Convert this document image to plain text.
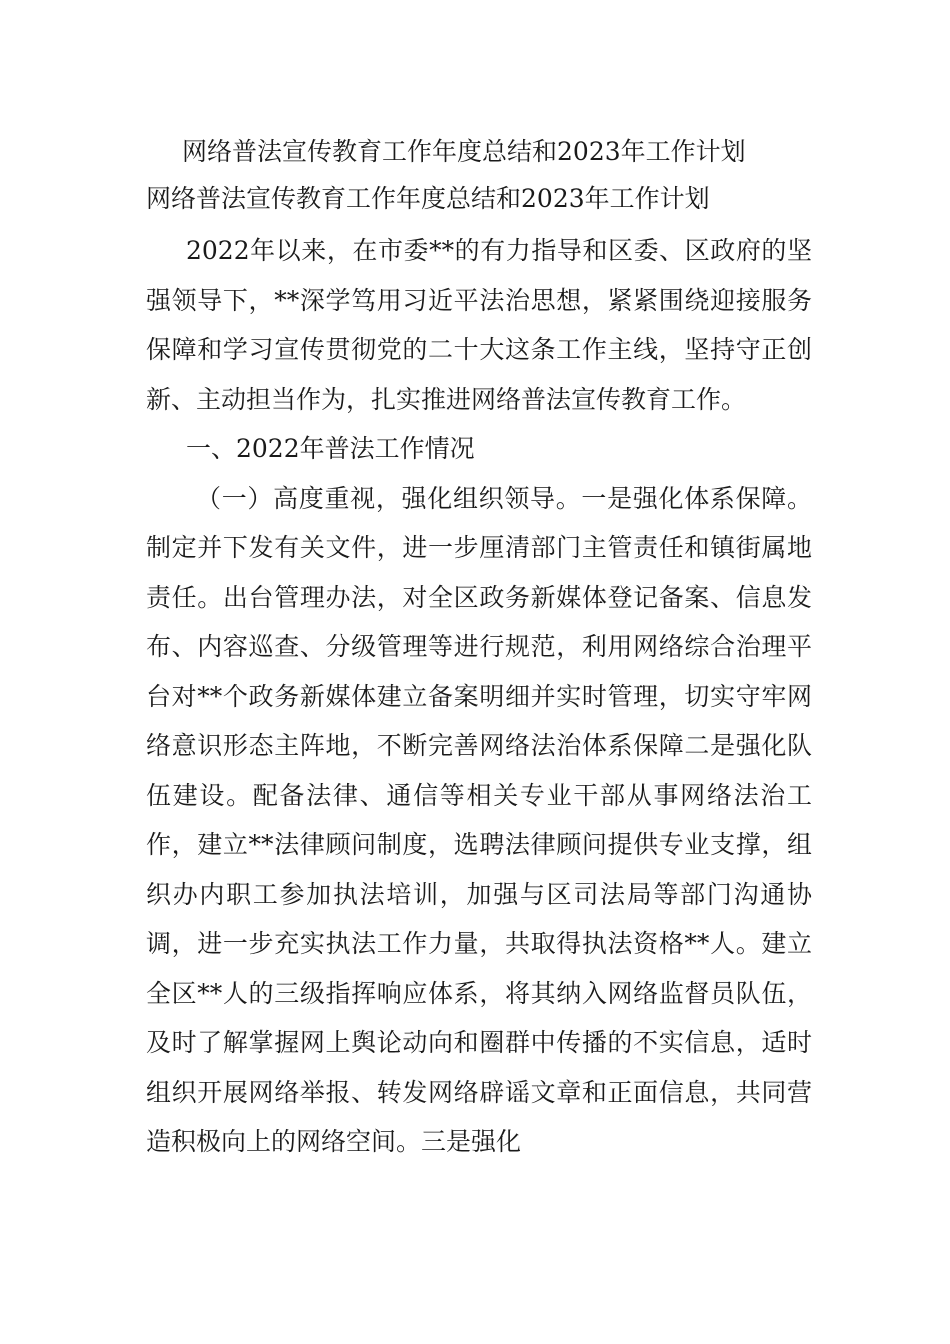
网络普法宣传教育工作年度总结和2023年工作计划

网络普法宣传教育工作年度总结和2023年工作计划

2022年以来，在市委**的有力指导和区委、区政府的坚强领导下，**深学笃用习近平法治思想，紧紧围绕迎接服务保障和学习宣传贯彻党的二十大这条工作主线，坚持守正创新、主动担当作为，扎实推进网络普法宣传教育工作。

一、2022年普法工作情况

（一）高度重视，强化组织领导。一是强化体系保障。制定并下发有关文件，进一步厘清部门主管责任和镇街属地责任。出台管理办法，对全区政务新媒体登记备案、信息发布、内容巡查、分级管理等进行规范，利用网络综合治理平台对**个政务新媒体建立备案明细并实时管理，切实守牢网络意识形态主阵地，不断完善网络法治体系保障二是强化队伍建设。配备法律、通信等相关专业干部从事网络法治工作，建立**法律顾问制度，选聘法律顾问提供专业支撑，组织办内职工参加执法培训，加强与区司法局等部门沟通协调，进一步充实执法工作力量，共取得执法资格**人。建立全区**人的三级指挥响应体系，将其纳入网络监督员队伍，及时了解掌握网上舆论动向和圈群中传播的不实信息，适时组织开展网络举报、转发网络辟谣文章和正面信息，共同营造积极向上的网络空间。三是强化
